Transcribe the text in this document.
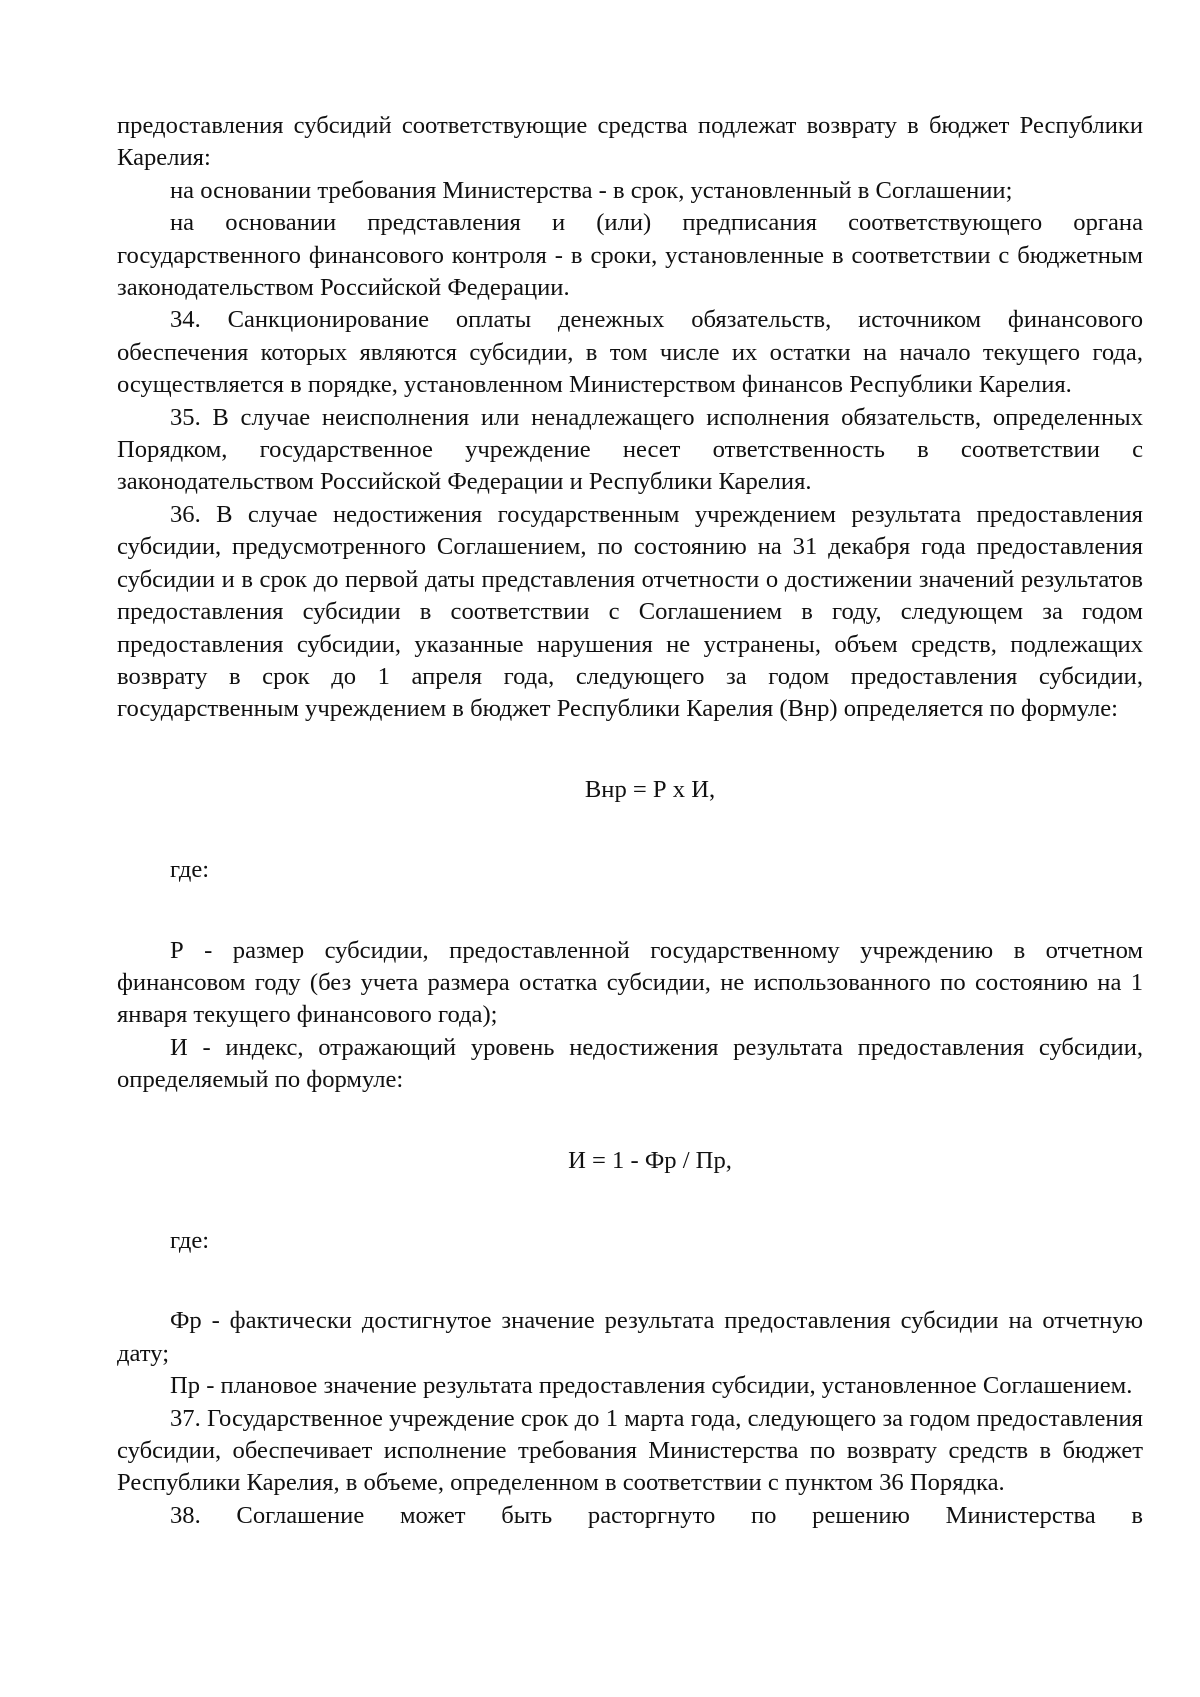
предоставления субсидий соответствующие средства подлежат возврату в бюджет Республики Карелия:

на основании требования Министерства - в срок, установленный в Соглашении;

на основании представления и (или) предписания соответствующего органа государственного финансового контроля - в сроки, установленные в соответствии с бюджетным законодательством Российской Федерации.

34. Санкционирование оплаты денежных обязательств, источником финансового обеспечения которых являются субсидии, в том числе их остатки на начало текущего года, осуществляется в порядке, установленном Министерством финансов Республики Карелия.

35. В случае неисполнения или ненадлежащего исполнения обязательств, определенных Порядком, государственное учреждение несет ответственность в соответствии с законодательством Российской Федерации и Республики Карелия.

36. В случае недостижения государственным учреждением результата предоставления субсидии, предусмотренного Соглашением, по состоянию на 31 декабря года предоставления субсидии и в срок до первой даты представления отчетности о достижении значений результатов предоставления субсидии в соответствии с Соглашением в году, следующем за годом предоставления субсидии, указанные нарушения не устранены, объем средств, подлежащих возврату в срок до 1 апреля года, следующего за годом предоставления субсидии, государственным учреждением в бюджет Республики Карелия (Внр) определяется по формуле:

Внр = Р x И,

где:

Р - размер субсидии, предоставленной государственному учреждению в отчетном финансовом году (без учета размера остатка субсидии, не использованного по состоянию на 1 января текущего финансового года);

И - индекс, отражающий уровень недостижения результата предоставления субсидии, определяемый по формуле:

И = 1 - Фр / Пр,

где:

Фр - фактически достигнутое значение результата предоставления субсидии на отчетную дату;

Пр - плановое значение результата предоставления субсидии, установленное Соглашением.

37. Государственное учреждение срок до 1 марта года, следующего за годом предоставления субсидии, обеспечивает исполнение требования Министерства по возврату средств в бюджет Республики Карелия, в объеме, определенном в соответствии с пунктом 36 Порядка.

38. Соглашение может быть расторгнуто по решению Министерства в
